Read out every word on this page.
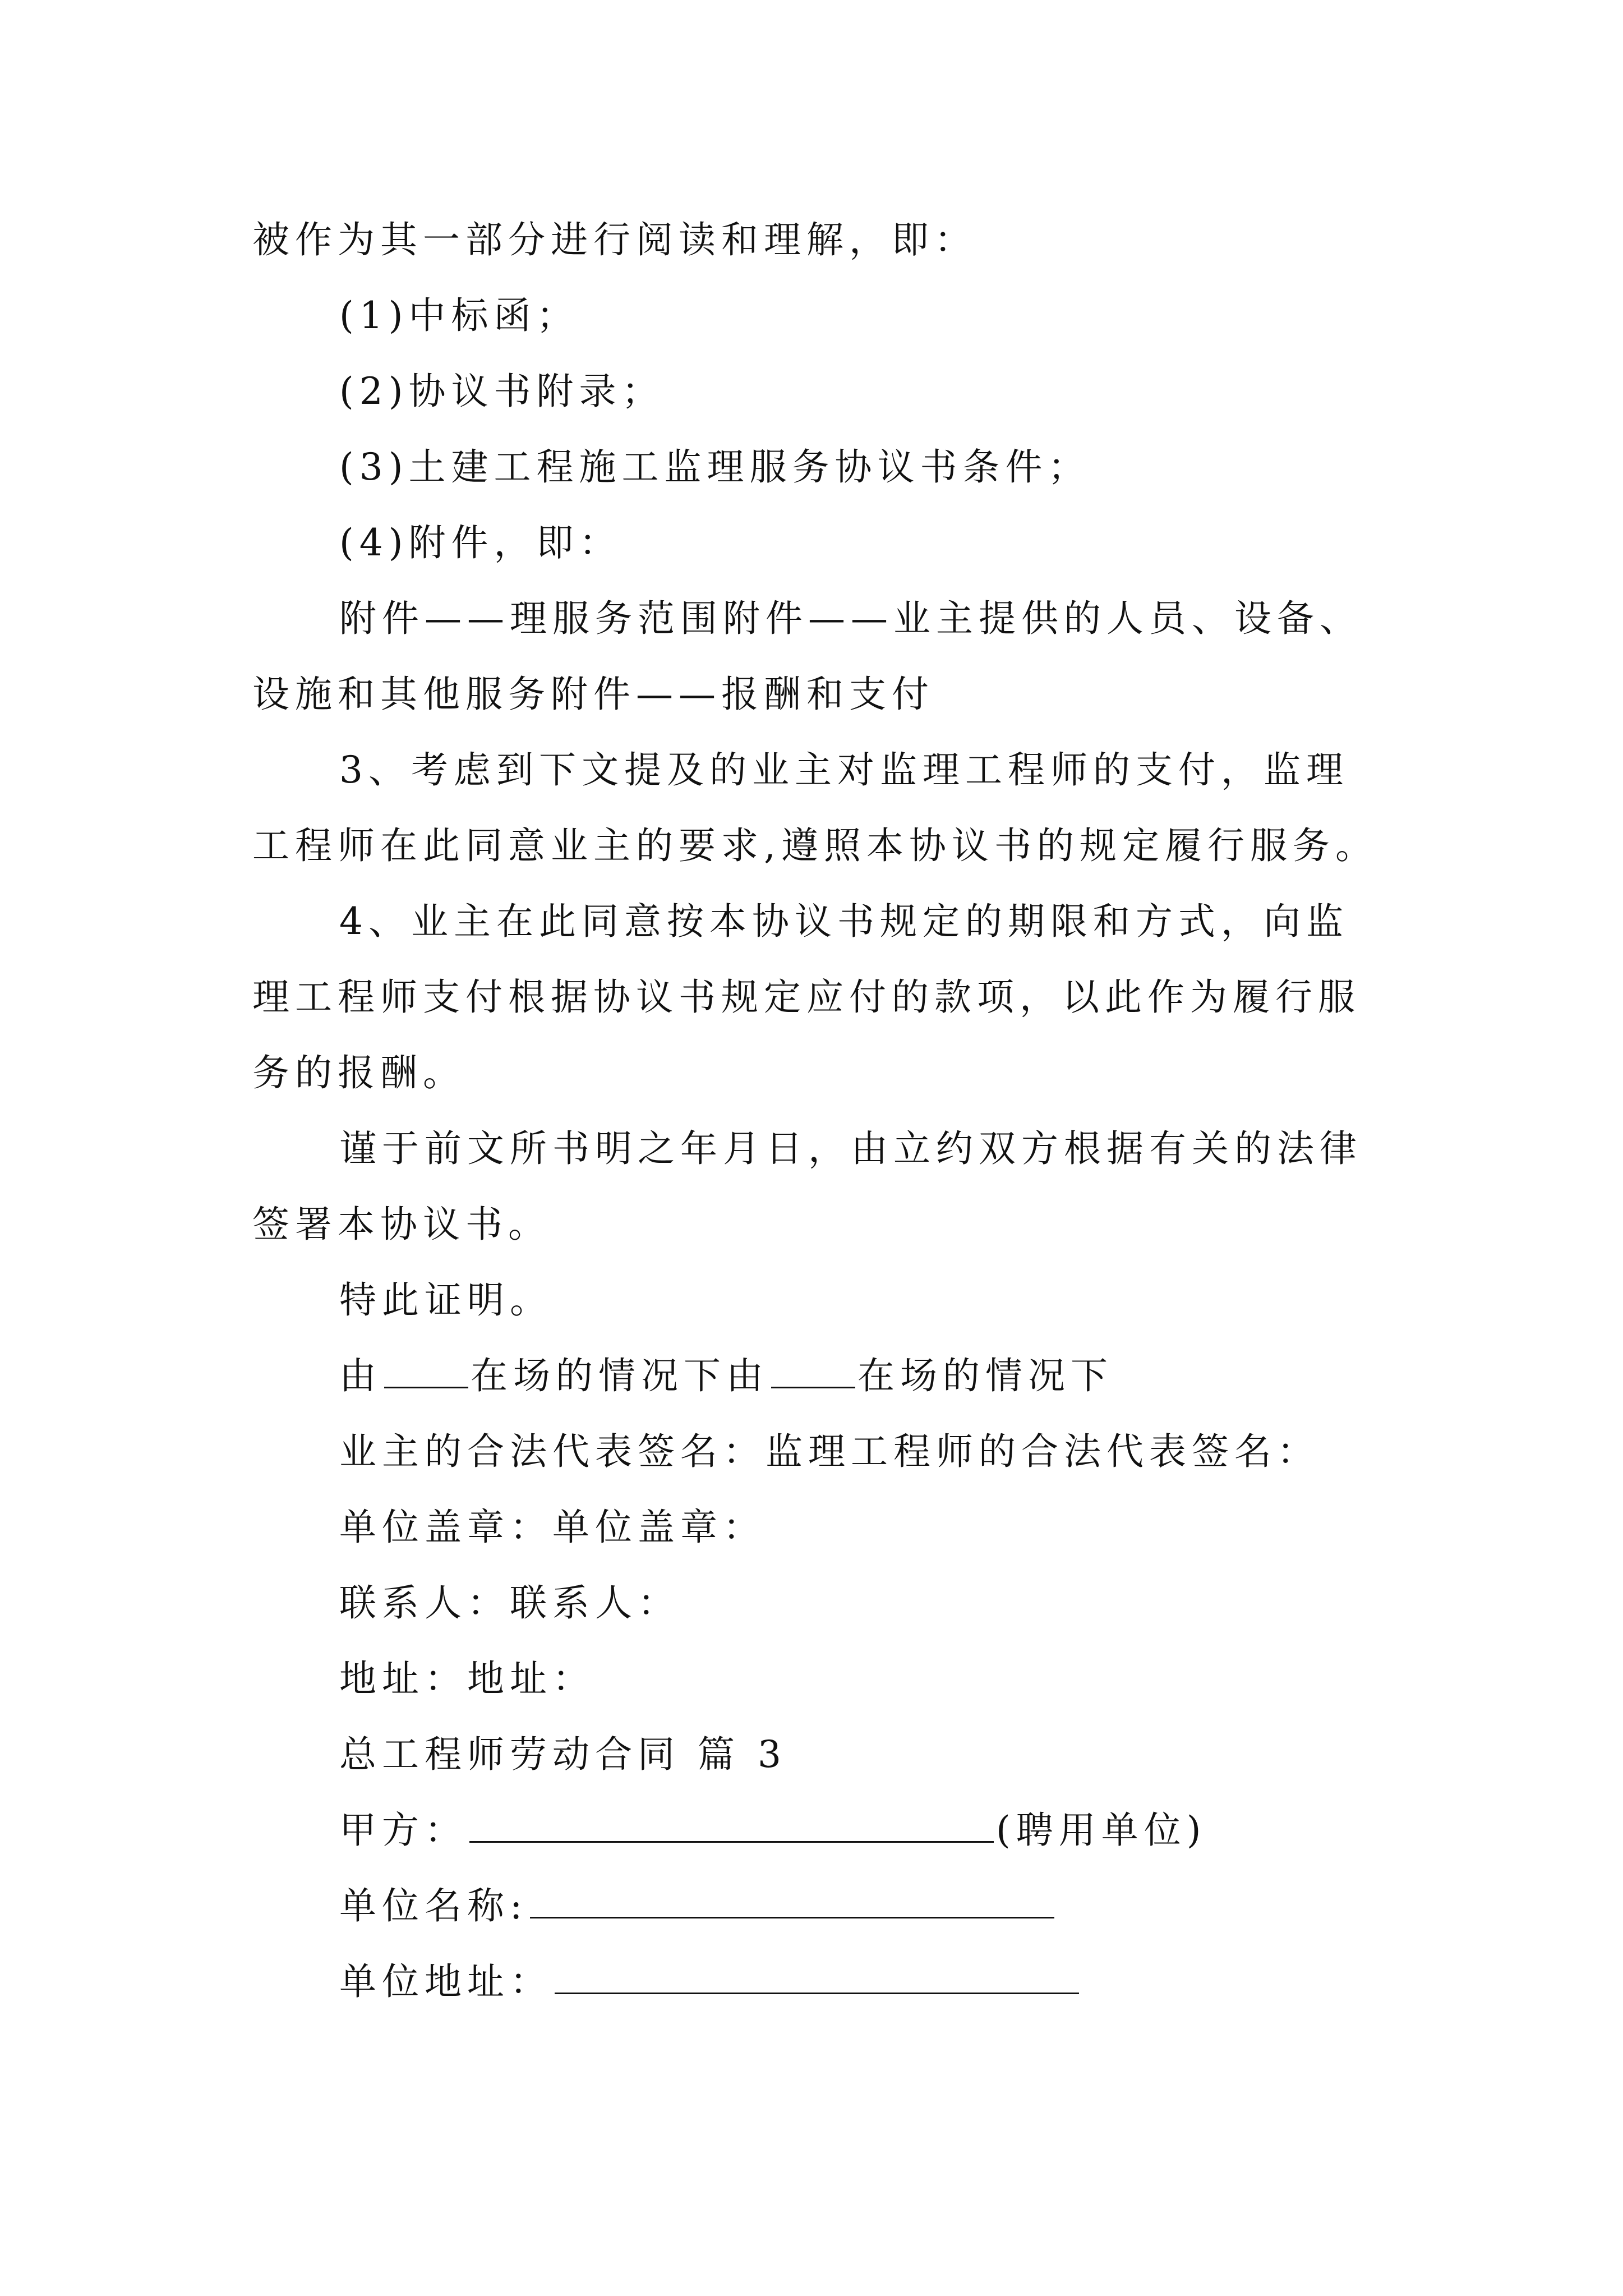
被作为其一部分进行阅读和理解，即：
(1)中标函；
(2)协议书附录；
(3)土建工程施工监理服务协议书条件；
(4)附件，即：
附件——理服务范围附件——业主提供的人员、设备、
设施和其他服务附件——报酬和支付
3、考虑到下文提及的业主对监理工程师的支付，监理
工程师在此同意业主的要求,遵照本协议书的规定履行服务。
4、业主在此同意按本协议书规定的期限和方式，向监
理工程师支付根据协议书规定应付的款项，以此作为履行服
务的报酬。
谨于前文所书明之年月日，由立约双方根据有关的法律
签署本协议书。
特此证明。
由 在场的情况下由 在场的情况下
业主的合法代表签名：监理工程师的合法代表签名：
单位盖章：单位盖章：
联系人：联系人：
地址：地址：
总工程师劳动合同 篇 3
甲方：	(聘用单位)
单位名称:
单位地址：
